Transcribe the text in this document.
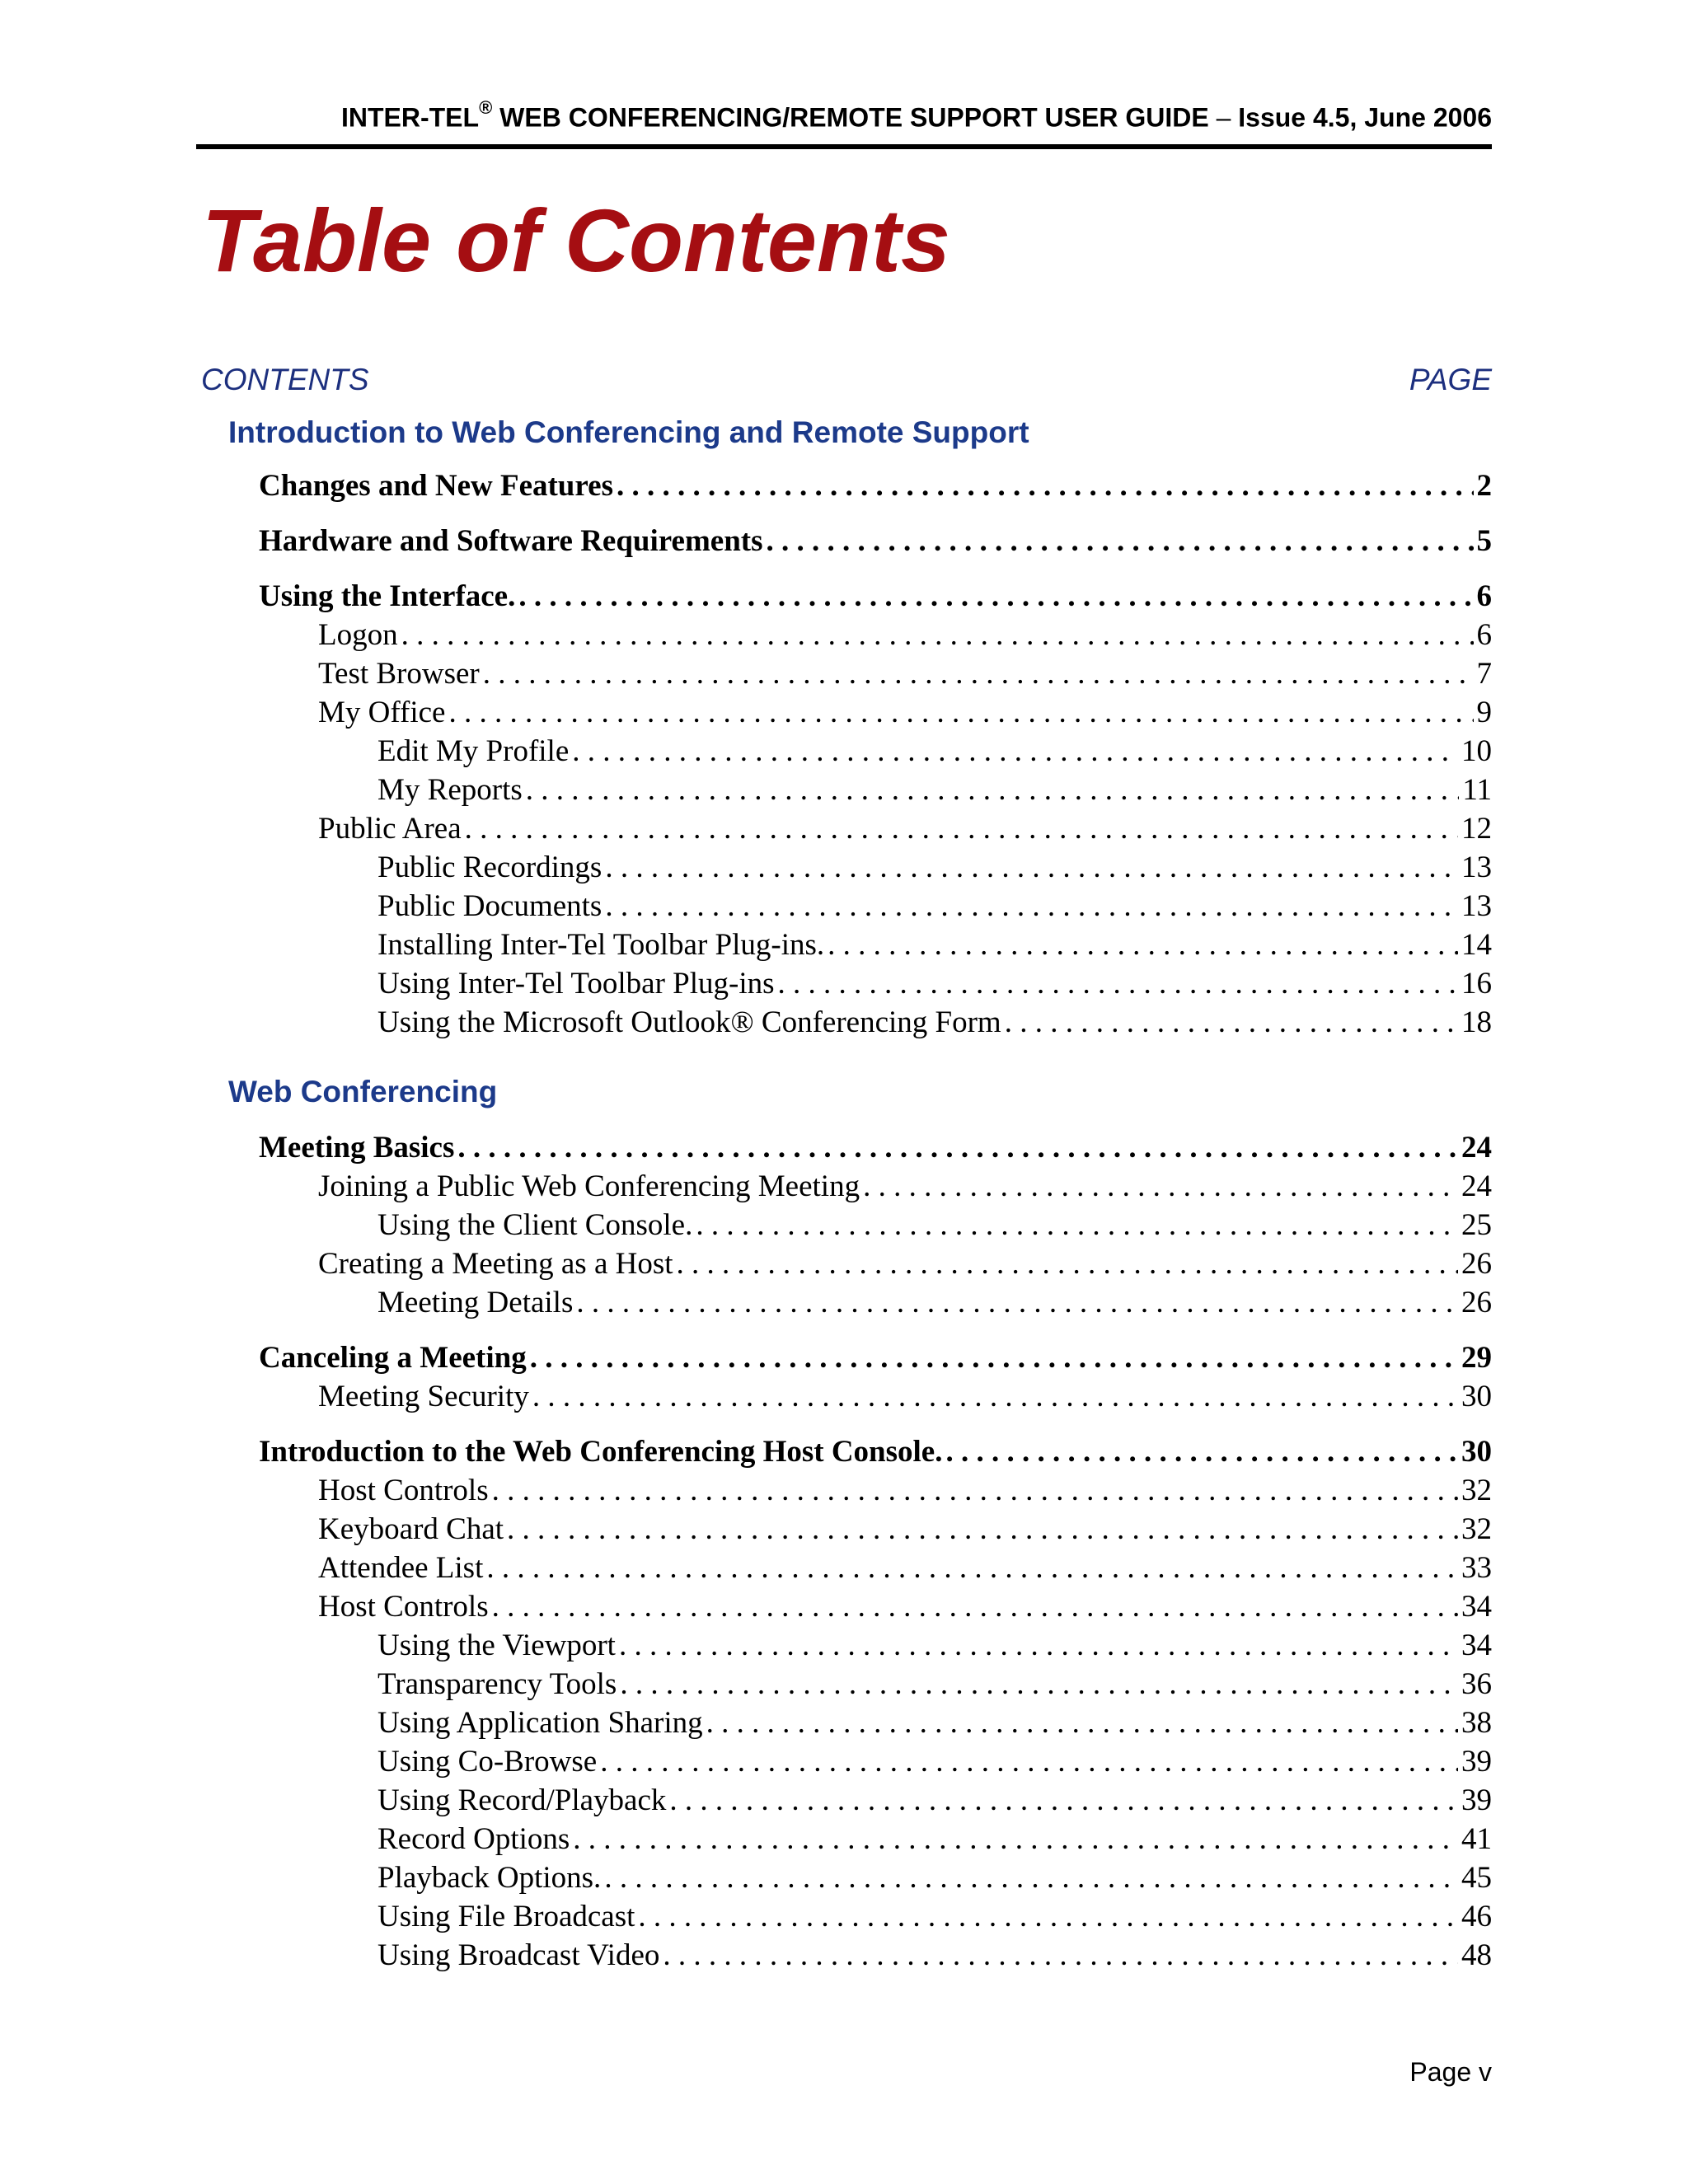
INTER-TEL® WEB CONFERENCING/REMOTE SUPPORT USER GUIDE – Issue 4.5, June 2006
Table of Contents
CONTENTS	PAGE
Introduction to Web Conferencing and Remote Support
Changes and New Features . . .	2
Hardware and Software Requirements . . .	5
Using the Interface. . . .	6
Logon . . .	6
Test Browser . . .	7
My Office . . .	9
Edit My Profile . . .	10
My Reports . . .	11
Public Area . . .	12
Public Recordings . . .	13
Public Documents . . .	13
Installing Inter-Tel Toolbar Plug-ins. . . .	14
Using Inter-Tel Toolbar Plug-ins . . .	16
Using the Microsoft Outlook® Conferencing Form . . .	18
Web Conferencing
Meeting Basics . . .	24
Joining a Public Web Conferencing Meeting . . .	24
Using the Client Console. . . .	25
Creating a Meeting as a Host . . .	26
Meeting Details . . .	26
Canceling a Meeting . . .	29
Meeting Security . . .	30
Introduction to the Web Conferencing Host Console. . . .	30
Host Controls . . .	32
Keyboard Chat . . .	32
Attendee List . . .	33
Host Controls . . .	34
Using the Viewport . . .	34
Transparency Tools . . .	36
Using Application Sharing . . .	38
Using Co-Browse . . .	39
Using Record/Playback . . .	39
Record Options . . .	41
Playback Options. . . .	45
Using File Broadcast . . .	46
Using Broadcast Video . . .	48
Page v
